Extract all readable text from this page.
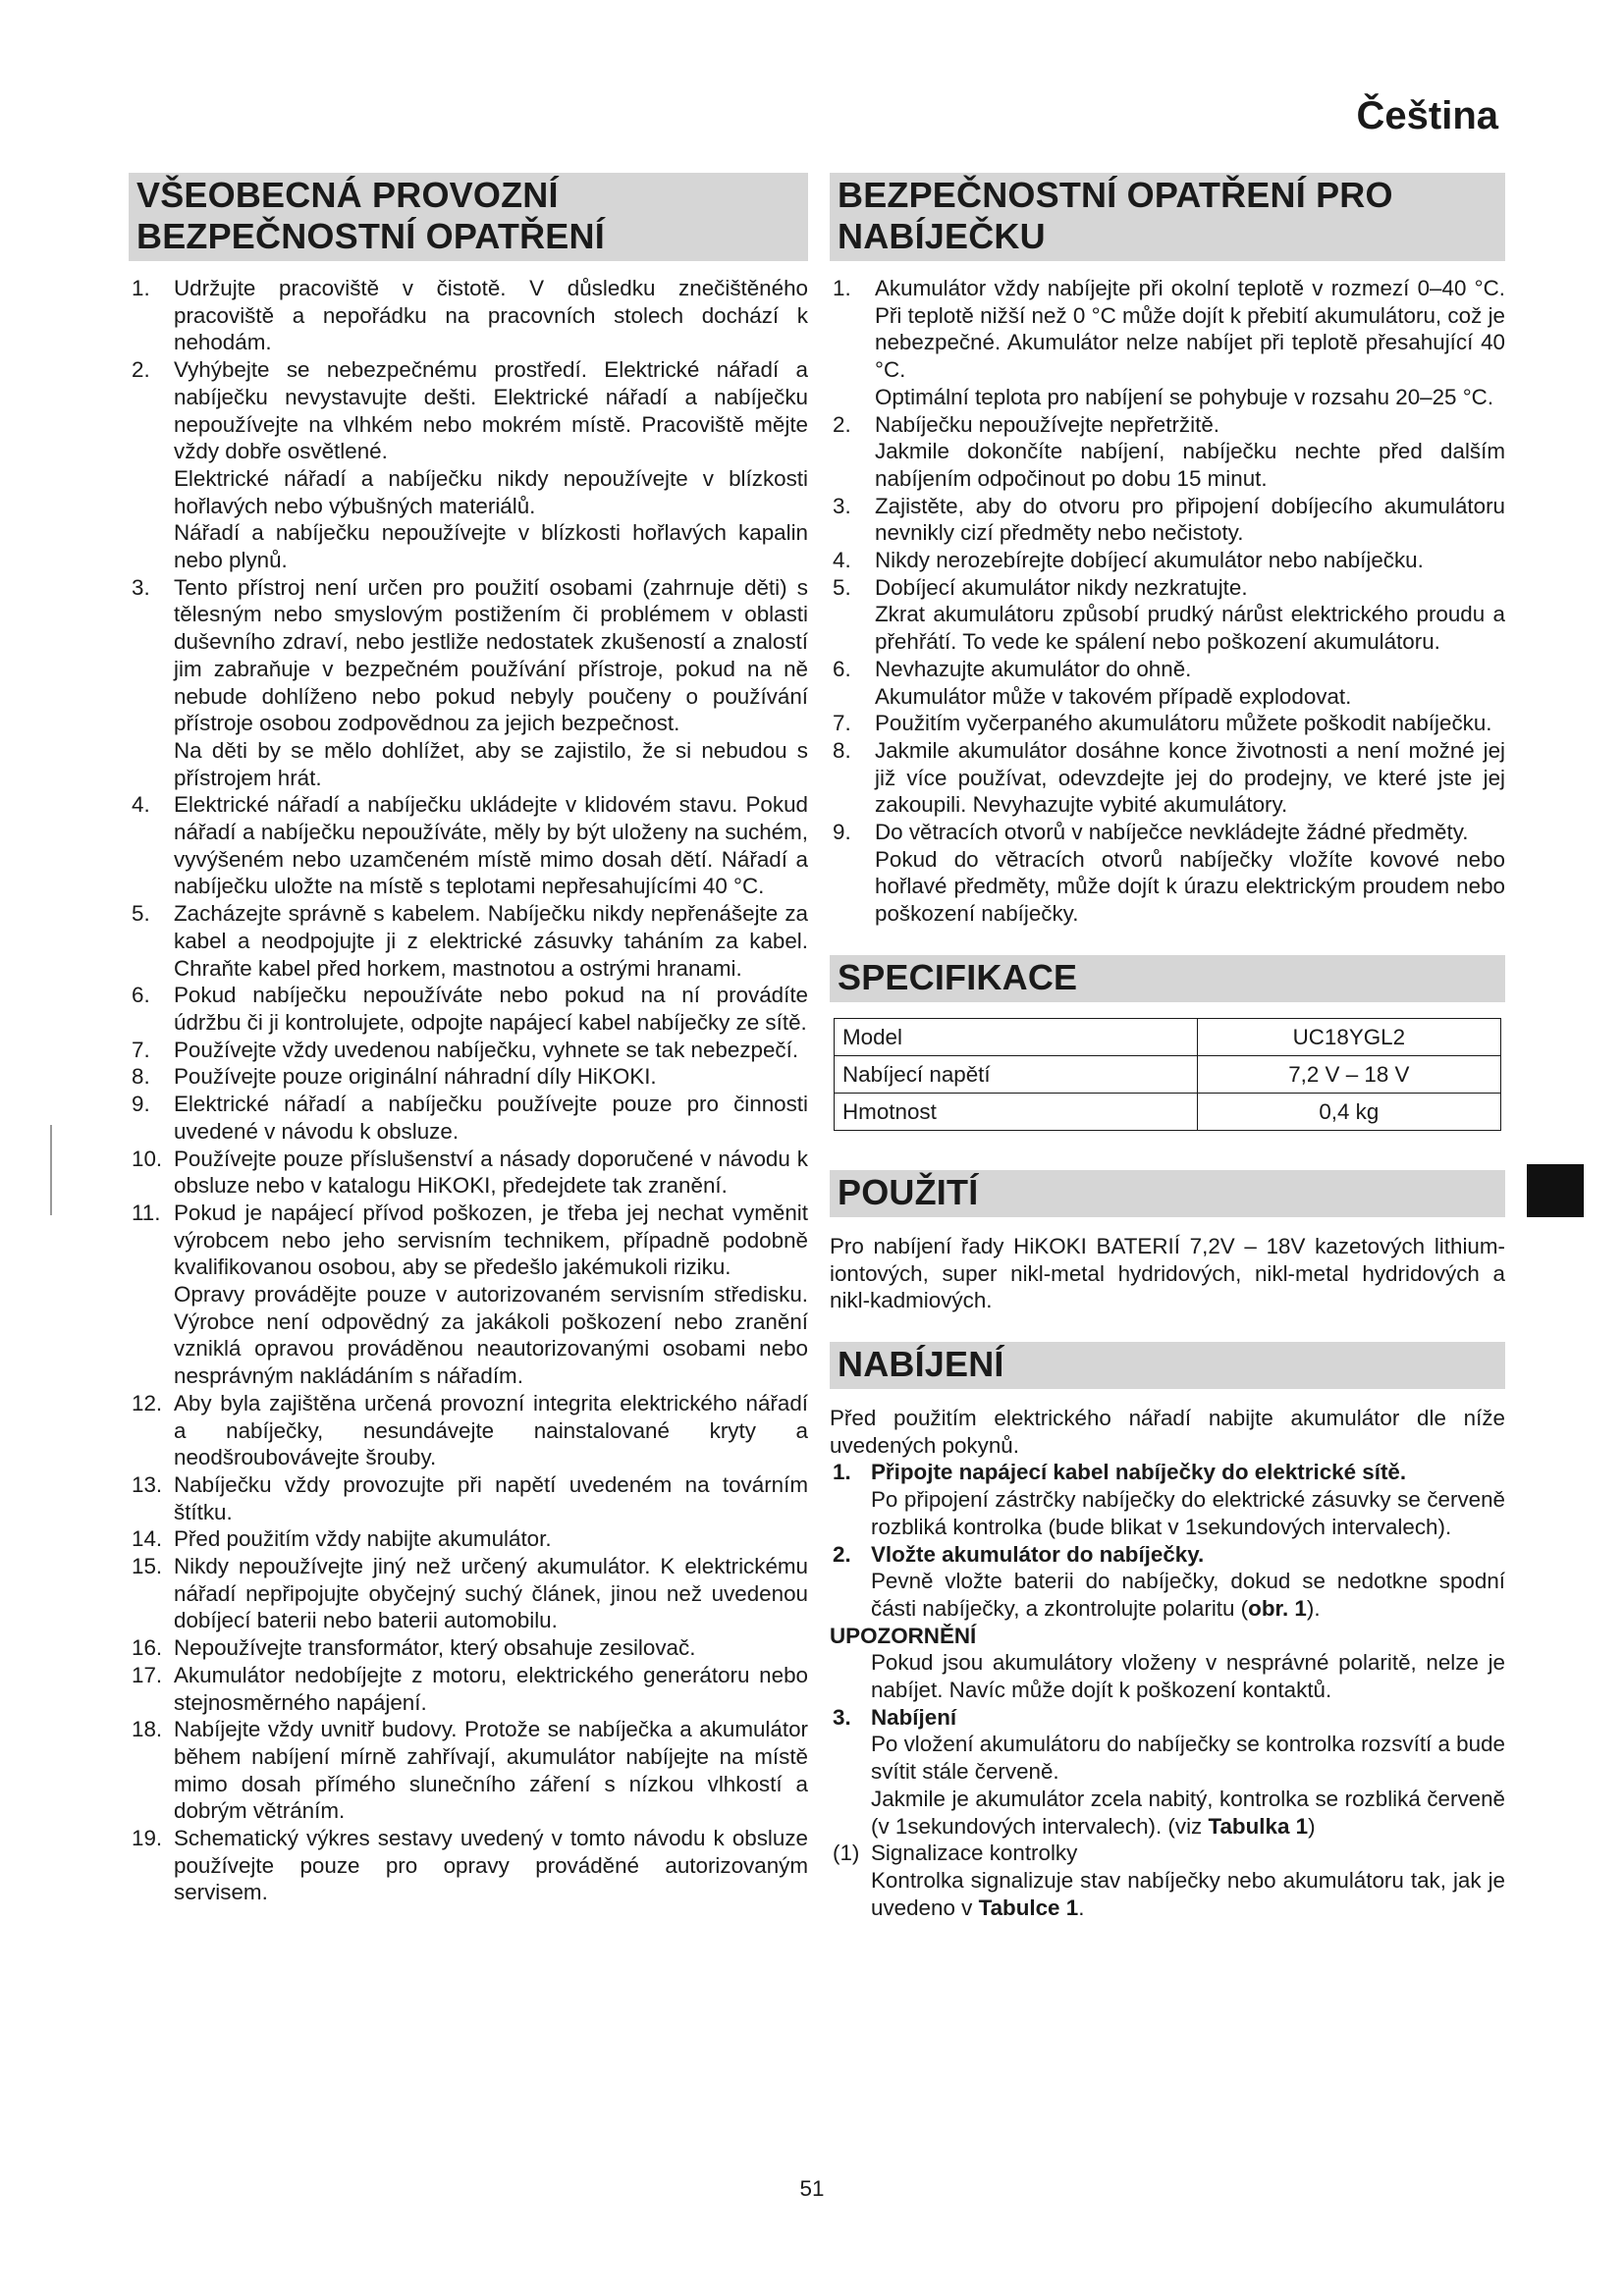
Čeština
VŠEOBECNÁ PROVOZNÍ
BEZPEČNOSTNÍ OPATŘENÍ
1. Udržujte pracoviště v čistotě. V důsledku znečištěného pracoviště a nepořádku na pracovních stolech dochází k nehodám.

2. Vyhýbejte se nebezpečnému prostředí. Elektrické nářadí a nabíječku nevystavujte dešti. Elektrické nářadí a nabíječku nepoužívejte na vlhkém nebo mokrém místě. Pracoviště mějte vždy dobře osvětlené.

Elektrické nářadí a nabíječku nikdy nepoužívejte v blízkosti hořlavých nebo výbušných materiálů.

Nářadí a nabíječku nepoužívejte v blízkosti hořlavých kapalin nebo plynů.

3. Tento přístroj není určen pro použití osobami (zahrnuje děti) s tělesným nebo smyslovým postižením či problémem v oblasti duševního zdraví, nebo jestliže nedostatek zkušeností a znalostí jim zabraňuje v bezpečném používání přístroje, pokud na ně nebude dohlíženo nebo pokud nebyly poučeny o používání přístroje osobou zodpovědnou za jejich bezpečnost.

Na děti by se mělo dohlížet, aby se zajistilo, že si nebudou s přístrojem hrát.

4. Elektrické nářadí a nabíječku ukládejte v klidovém stavu. Pokud nářadí a nabíječku nepoužíváte, měly by být uloženy na suchém, vyvýšeném nebo uzamčeném místě mimo dosah dětí. Nářadí a nabíječku uložte na místě s teplotami nepřesahujícími 40 °C.

5. Zacházejte správně s kabelem. Nabíječku nikdy nepřenášejte za kabel a neodpojujte ji z elektrické zásuvky taháním za kabel. Chraňte kabel před horkem, mastnotou a ostrými hranami.

6. Pokud nabíječku nepoužíváte nebo pokud na ní provádíte údržbu či ji kontrolujete, odpojte napájecí kabel nabíječky ze sítě.

7. Používejte vždy uvedenou nabíječku, vyhnete se tak nebezpečí.

8. Používejte pouze originální náhradní díly HiKOKI.

9. Elektrické nářadí a nabíječku používejte pouze pro činnosti uvedené v návodu k obsluze.

10. Používejte pouze příslušenství a násady doporučené v návodu k obsluze nebo v katalogu HiKOKI, předejdete tak zranění.

11. Pokud je napájecí přívod poškozen, je třeba jej nechat vyměnit výrobcem nebo jeho servisním technikem, případně podobně kvalifikovanou osobou, aby se předešlo jakémukoli riziku.

Opravy provádějte pouze v autorizovaném servisním středisku. Výrobce není odpovědný za jakákoli poškození nebo zranění vzniklá opravou prováděnou neautorizovanými osobami nebo nesprávným nakládáním s nářadím.

12. Aby byla zajištěna určená provozní integrita elektrického nářadí a nabíječky, nesundávejte nainstalované kryty a neodšroubovávejte šrouby.

13. Nabíječku vždy provozujte při napětí uvedeném na továrním štítku.

14. Před použitím vždy nabijte akumulátor.

15. Nikdy nepoužívejte jiný než určený akumulátor. K elektrickému nářadí nepřipojujte obyčejný suchý článek, jinou než uvedenou dobíjecí baterii nebo baterii automobilu.

16. Nepoužívejte transformátor, který obsahuje zesilovač.

17. Akumulátor nedobíjejte z motoru, elektrického generátoru nebo stejnosměrného napájení.

18. Nabíjejte vždy uvnitř budovy. Protože se nabíječka a akumulátor během nabíjení mírně zahřívají, akumulátor nabíjejte na místě mimo dosah přímého slunečního záření s nízkou vlhkostí a dobrým větráním.

19. Schematický výkres sestavy uvedený v tomto návodu k obsluze používejte pouze pro opravy prováděné autorizovaným servisem.

BEZPEČNOSTNÍ OPATŘENÍ PRO
NABÍJEČKU
1. Akumulátor vždy nabíjejte při okolní teplotě v rozmezí 0–40 °C. Při teplotě nižší než 0 °C může dojít k přebití akumulátoru, což je nebezpečné. Akumulátor nelze nabíjet při teplotě přesahující 40 °C.

Optimální teplota pro nabíjení se pohybuje v rozsahu 20–25 °C.

2. Nabíječku nepoužívejte nepřetržitě.

Jakmile dokončíte nabíjení, nabíječku nechte před dalším nabíjením odpočinout po dobu 15 minut.

3. Zajistěte, aby do otvoru pro připojení dobíjecího akumulátoru nevnikly cizí předměty nebo nečistoty.

4. Nikdy nerozebírejte dobíjecí akumulátor nebo nabíječku.

5. Dobíjecí akumulátor nikdy nezkratujte.

Zkrat akumulátoru způsobí prudký nárůst elektrického proudu a přehřátí. To vede ke spálení nebo poškození akumulátoru.

6. Nevhazujte akumulátor do ohně.

Akumulátor může v takovém případě explodovat.

7. Použitím vyčerpaného akumulátoru můžete poškodit nabíječku.

8. Jakmile akumulátor dosáhne konce životnosti a není možné jej již více používat, odevzdejte jej do prodejny, ve které jste jej zakoupili. Nevyhazujte vybité akumulátory.

9. Do větracích otvorů v nabíječce nevkládejte žádné předměty.

Pokud do větracích otvorů nabíječky vložíte kovové nebo hořlavé předměty, může dojít k úrazu elektrickým proudem nebo poškození nabíječky.

SPECIFIKACE
Model	UC18YGL2
Nabíjecí napětí	7,2 V – 18 V
Hmotnost	0,4 kg
POUŽITÍ

Pro nabíjení řady HiKOKI BATERIÍ 7,2V – 18V kazetových lithium-iontových, super nikl-metal hydridových, nikl-metal hydridových a nikl-kadmiových.

NABÍJENÍ

Před použitím elektrického nářadí nabijte akumulátor dle níže uvedených pokynů.

1. Připojte napájecí kabel nabíječky do elektrické sítě.

Po připojení zástrčky nabíječky do elektrické zásuvky se červeně rozbliká kontrolka (bude blikat v 1sekundových intervalech).

2. Vložte akumulátor do nabíječky.

Pevně vložte baterii do nabíječky, dokud se nedotkne spodní části nabíječky, a zkontrolujte polaritu (obr. 1).

UPOZORNĚNÍ

Pokud jsou akumulátory vloženy v nesprávné polaritě, nelze je nabíjet. Navíc může dojít k poškození kontaktů.

3. Nabíjení

Po vložení akumulátoru do nabíječky se kontrolka rozsvítí a bude svítit stále červeně.

Jakmile je akumulátor zcela nabitý, kontrolka se rozbliká červeně (v 1sekundových intervalech). (viz Tabulka 1)

(1) Signalizace kontrolky

Kontrolka signalizuje stav nabíječky nebo akumulátoru tak, jak je uvedeno v Tabulce 1.

51
